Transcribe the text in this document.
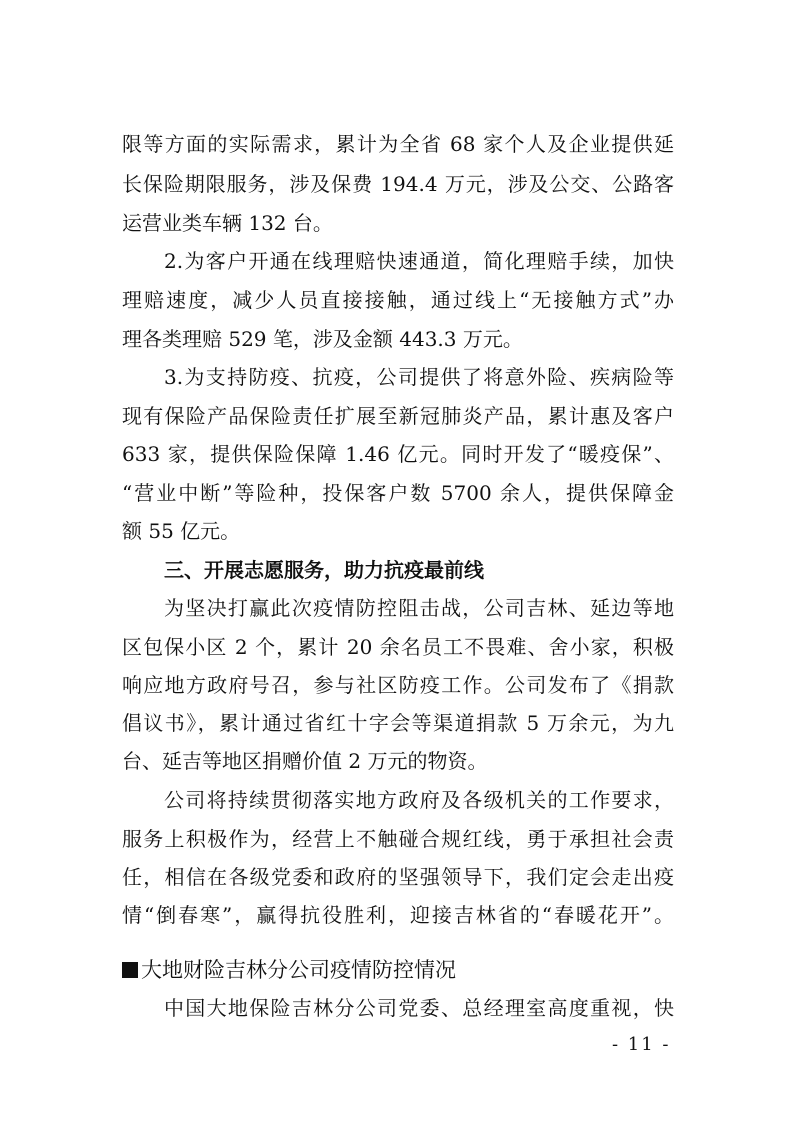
限等方面的实际需求，累计为全省 68 家个人及企业提供延
长保险期限服务，涉及保费 194.4 万元，涉及公交、公路客
运营业类车辆 132 台。
2.为客户开通在线理赔快速通道，简化理赔手续，加快
理赔速度，减少人员直接接触，通过线上“无接触方式”办
理各类理赔 529 笔，涉及金额 443.3 万元。
3.为支持防疫、抗疫，公司提供了将意外险、疾病险等
现有保险产品保险责任扩展至新冠肺炎产品，累计惠及客户
633 家，提供保险保障 1.46 亿元。同时开发了“暖疫保”、
“营业中断”等险种，投保客户数 5700 余人，提供保障金
额 55 亿元。
三、开展志愿服务，助力抗疫最前线
为坚决打赢此次疫情防控阻击战，公司吉林、延边等地
区包保小区 2 个，累计 20 余名员工不畏难、舍小家，积极
响应地方政府号召，参与社区防疫工作。公司发布了《捐款
倡议书》，累计通过省红十字会等渠道捐款 5 万余元，为九
台、延吉等地区捐赠价值 2 万元的物资。
公司将持续贯彻落实地方政府及各级机关的工作要求，
服务上积极作为，经营上不触碰合规红线，勇于承担社会责
任，相信在各级党委和政府的坚强领导下，我们定会走出疫
情“倒春寒”，赢得抗役胜利，迎接吉林省的“春暖花开”。
大地财险吉林分公司疫情防控情况
中国大地保险吉林分公司党委、总经理室高度重视，快
- 11 -
